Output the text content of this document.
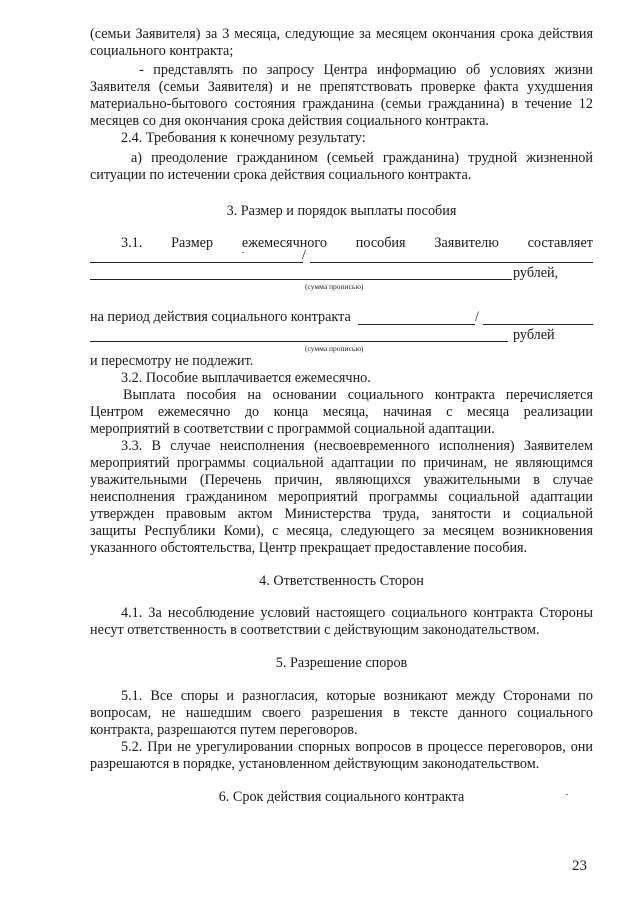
(семьи Заявителя) за 3 месяца, следующие за месяцем окончания срока действия
социального контракта;
- представлять по запросу Центра информацию об условиях жизни
Заявителя (семьи Заявителя) и не препятствовать проверке факта ухудшения
материально-бытового состояния гражданина (семьи гражданина) в течение 12
месяцев со дня окончания срока действия социального контракта.
2.4. Требования к конечному результату:
а) преодоление гражданином (семьей гражданина) трудной жизненной
ситуации по истечении срока действия социального контракта.
3. Размер и порядок выплаты пособия
3.1. Размер ежемесячного пособия Заявителю составляет
/
рублей,
(сумма прописью)
на период действия социального контракта	/
рублей
(сумма прописью)
и пересмотру не подлежит.
3.2. Пособие выплачивается ежемесячно.
Выплата пособия на основании социального контракта перечисляется
Центром ежемесячно до конца месяца, начиная с месяца реализации
мероприятий в соответствии с программой социальной адаптации.
3.3. В случае неисполнения (несвоевременного исполнения) Заявителем
мероприятий программы социальной адаптации по причинам, не являющимся
уважительными (Перечень причин, являющихся уважительными в случае
неисполнения гражданином мероприятий программы социальной адаптации
утвержден правовым актом Министерства труда, занятости и социальной
защиты Республики Коми), с месяца, следующего за месяцем возникновения
указанного обстоятельства, Центр прекращает предоставление пособия.
4. Ответственность Сторон
4.1. За несоблюдение условий настоящего социального контракта Стороны
несут ответственность в соответствии с действующим законодательством.
5. Разрешение споров
5.1. Все споры и разногласия, которые возникают между Сторонами по
вопросам, не нашедшим своего разрешения в тексте данного социального
контракта, разрешаются путем переговоров.
5.2. При не урегулировании спорных вопросов в процессе переговоров, они
разрешаются в порядке, установленном действующим законодательством.
6. Срок действия социального контракта
23
